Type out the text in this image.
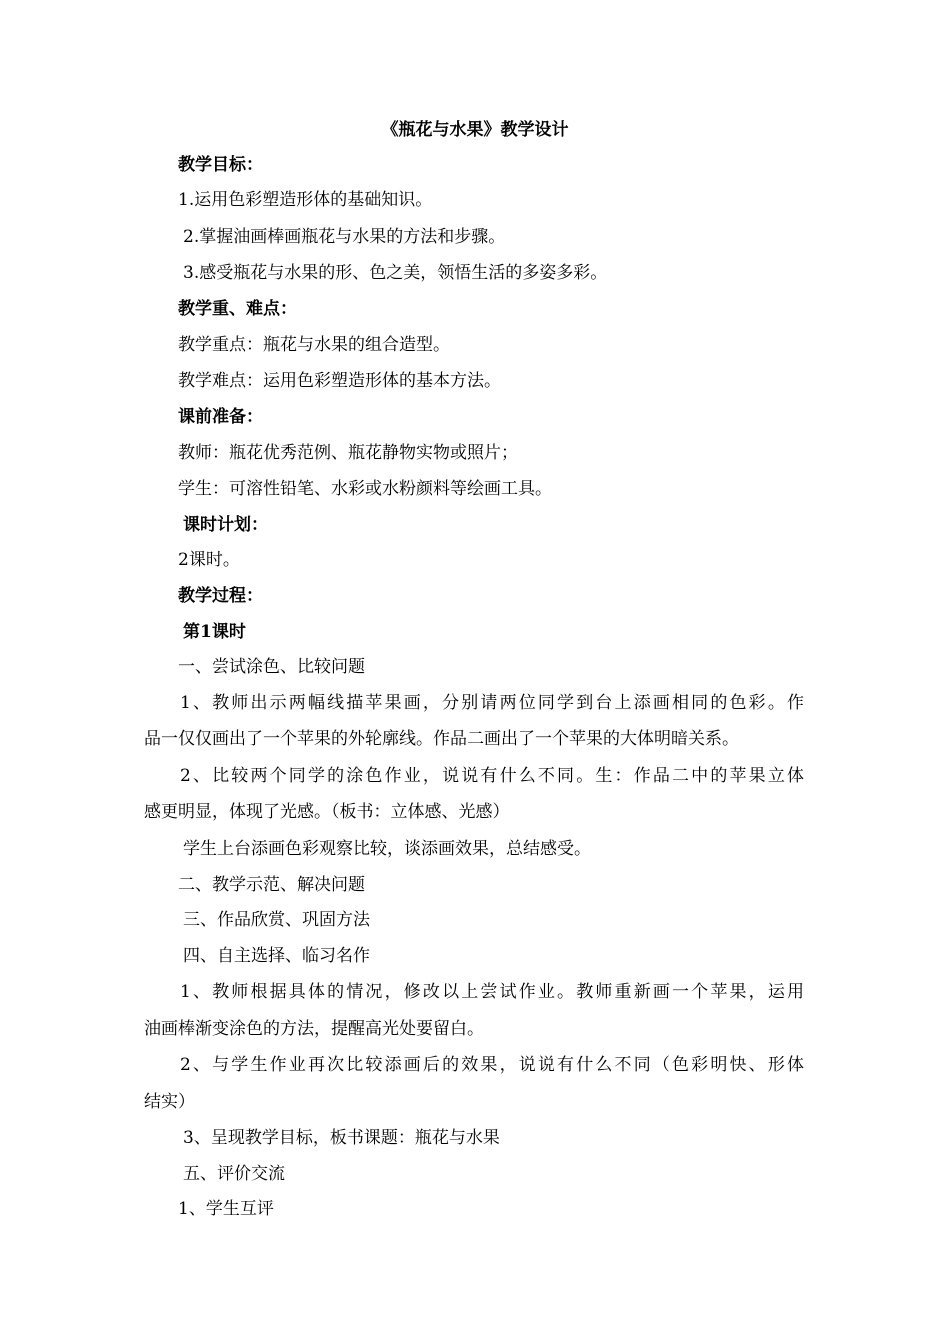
《瓶花与水果》教学设计
教学目标：
1.运用色彩塑造形体的基础知识。
2.掌握油画棒画瓶花与水果的方法和步骤。
3.感受瓶花与水果的形、色之美，领悟生活的多姿多彩。
教学重、难点：
教学重点：瓶花与水果的组合造型。
教学难点：运用色彩塑造形体的基本方法。
课前准备：
教师：瓶花优秀范例、瓶花静物实物或照片；
学生：可溶性铅笔、水彩或水粉颜料等绘画工具。
课时计划：
2课时。
教学过程：
第1课时
一、尝试涂色、比较问题
1、教师出示两幅线描苹果画，分别请两位同学到台上添画相同的色彩。作
品一仅仅画出了一个苹果的外轮廓线。作品二画出了一个苹果的大体明暗关系。
2、比较两个同学的涂色作业，说说有什么不同。生：作品二中的苹果立体
感更明显，体现了光感。（板书：立体感、光感）
学生上台添画色彩观察比较，谈添画效果，总结感受。
二、教学示范、解决问题
三、作品欣赏、巩固方法
四、自主选择、临习名作
1、教师根据具体的情况，修改以上尝试作业。教师重新画一个苹果，运用
油画棒渐变涂色的方法，提醒高光处要留白。
2、与学生作业再次比较添画后的效果，说说有什么不同（色彩明快、形体
结实）
3、呈现教学目标，板书课题：瓶花与水果
五、评价交流
1、学生互评
